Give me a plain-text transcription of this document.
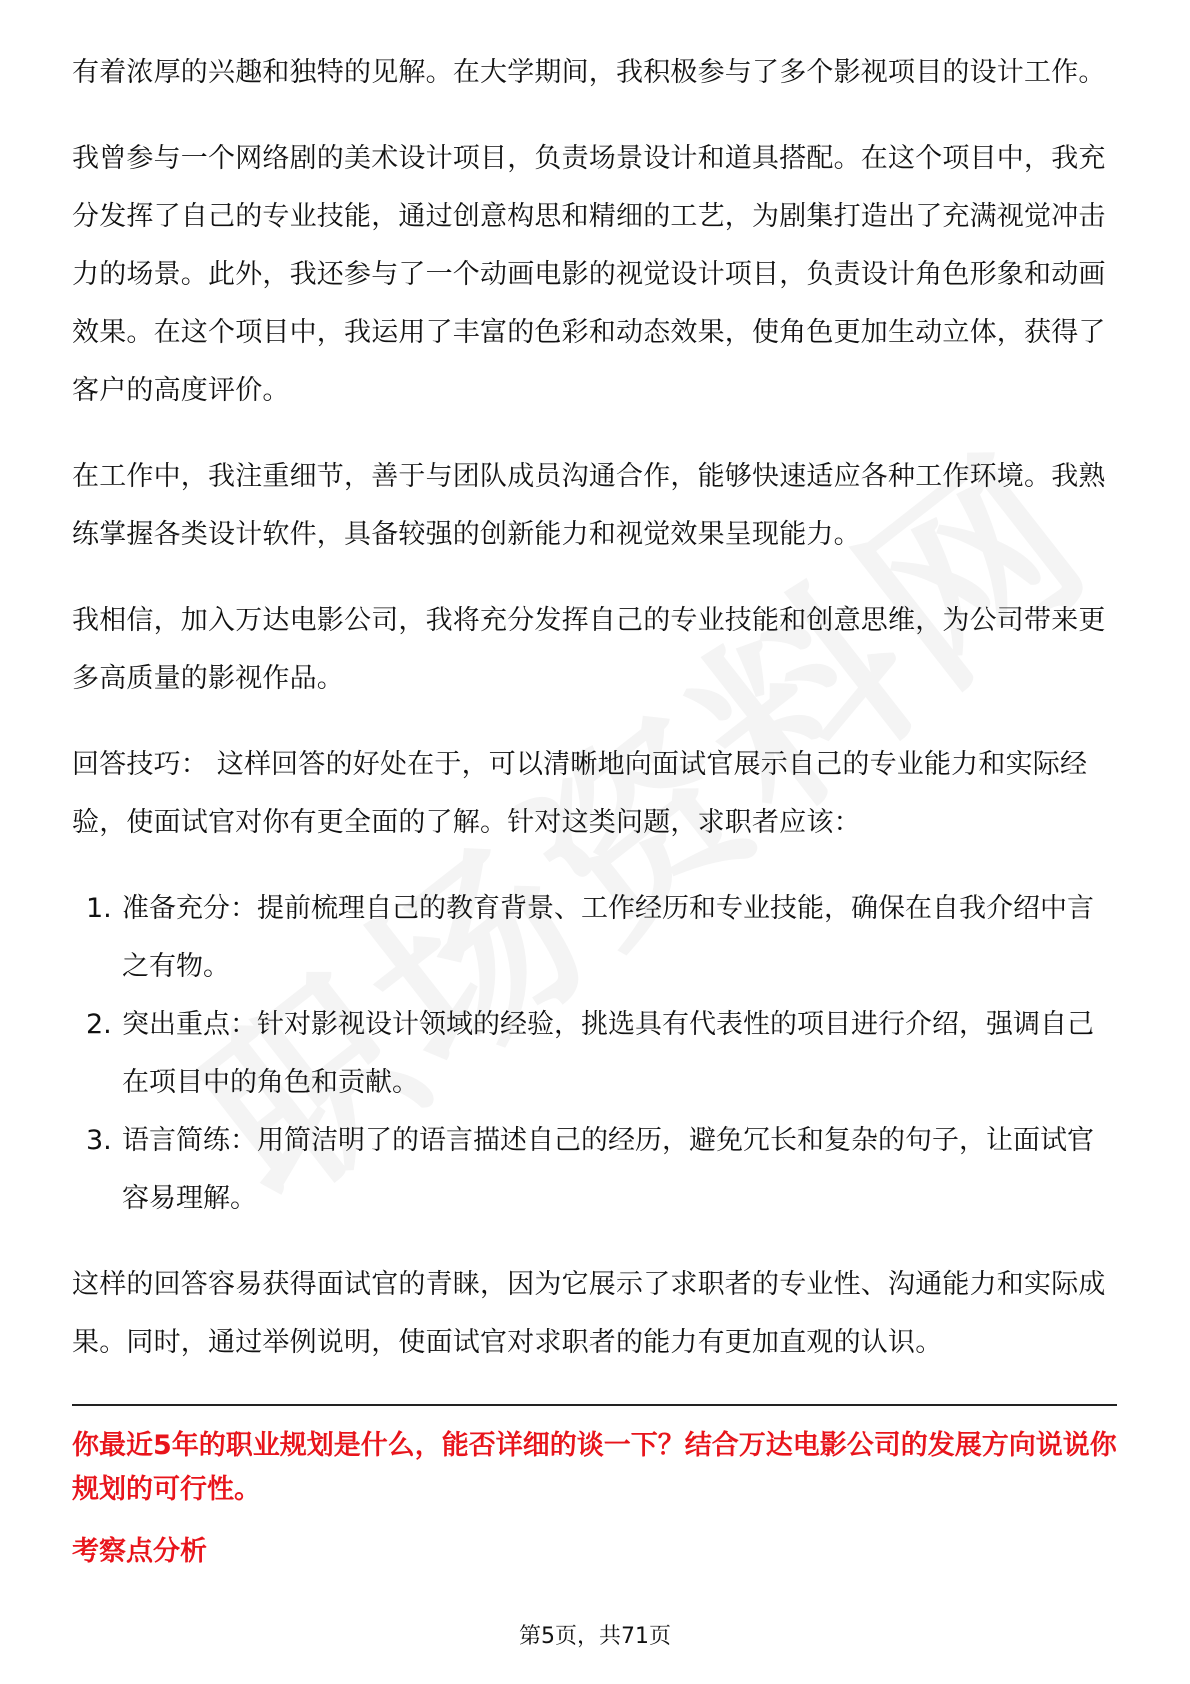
有着浓厚的兴趣和独特的见解。在大学期间，我积极参与了多个影视项目的设计工作。

我曾参与一个网络剧的美术设计项目，负责场景设计和道具搭配。在这个项目中，我充分发挥了自己的专业技能，通过创意构思和精细的工艺，为剧集打造出了充满视觉冲击力的场景。此外，我还参与了一个动画电影的视觉设计项目，负责设计角色形象和动画效果。在这个项目中，我运用了丰富的色彩和动态效果，使角色更加生动立体，获得了客户的高度评价。

在工作中，我注重细节，善于与团队成员沟通合作，能够快速适应各种工作环境。我熟练掌握各类设计软件，具备较强的创新能力和视觉效果呈现能力。

我相信，加入万达电影公司，我将充分发挥自己的专业技能和创意思维，为公司带来更多高质量的影视作品。

回答技巧： 这样回答的好处在于，可以清晰地向面试官展示自己的专业能力和实际经验，使面试官对你有更全面的了解。针对这类问题，求职者应该：

1. 准备充分：提前梳理自己的教育背景、工作经历和专业技能，确保在自我介绍中言之有物。
2. 突出重点：针对影视设计领域的经验，挑选具有代表性的项目进行介绍，强调自己在项目中的角色和贡献。
3. 语言简练：用简洁明了的语言描述自己的经历，避免冗长和复杂的句子，让面试官容易理解。

这样的回答容易获得面试官的青睐，因为它展示了求职者的专业性、沟通能力和实际成果。同时，通过举例说明，使面试官对求职者的能力有更加直观的认识。

你最近5年的职业规划是什么，能否详细的谈一下？结合万达电影公司的发展方向说说你规划的可行性。

考察点分析

第5页，共71页
